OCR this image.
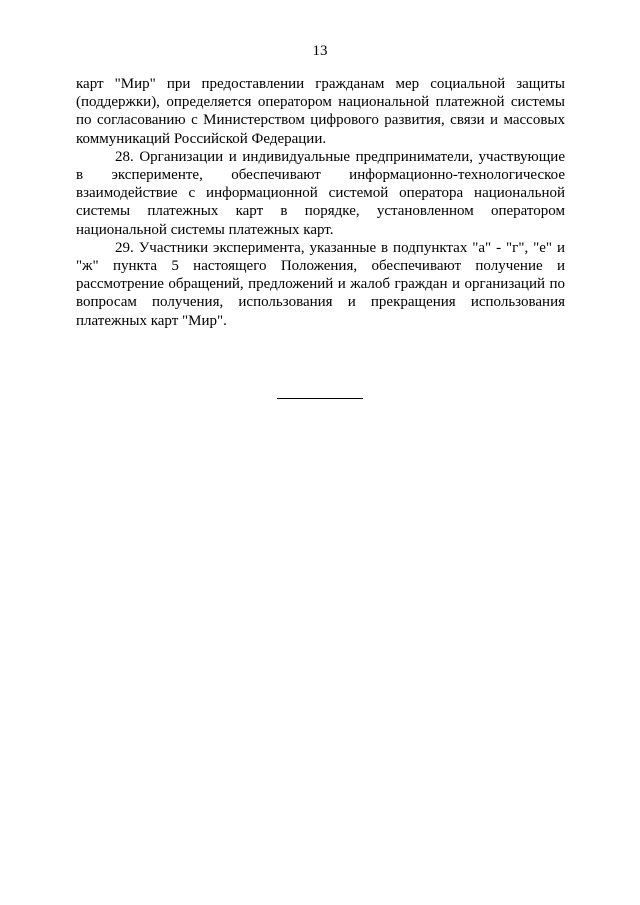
13

карт "Мир" при предоставлении гражданам мер социальной защиты (поддержки), определяется оператором национальной платежной системы по согласованию с Министерством цифрового развития, связи и массовых коммуникаций Российской Федерации.

28. Организации и индивидуальные предприниматели, участвующие в эксперименте, обеспечивают информационно-технологическое взаимодействие с информационной системой оператора национальной системы платежных карт в порядке, установленном оператором национальной системы платежных карт.

29. Участники эксперимента, указанные в подпунктах "а" - "г", "е" и "ж" пункта 5 настоящего Положения, обеспечивают получение и рассмотрение обращений, предложений и жалоб граждан и организаций по вопросам получения, использования и прекращения использования платежных карт "Мир".
